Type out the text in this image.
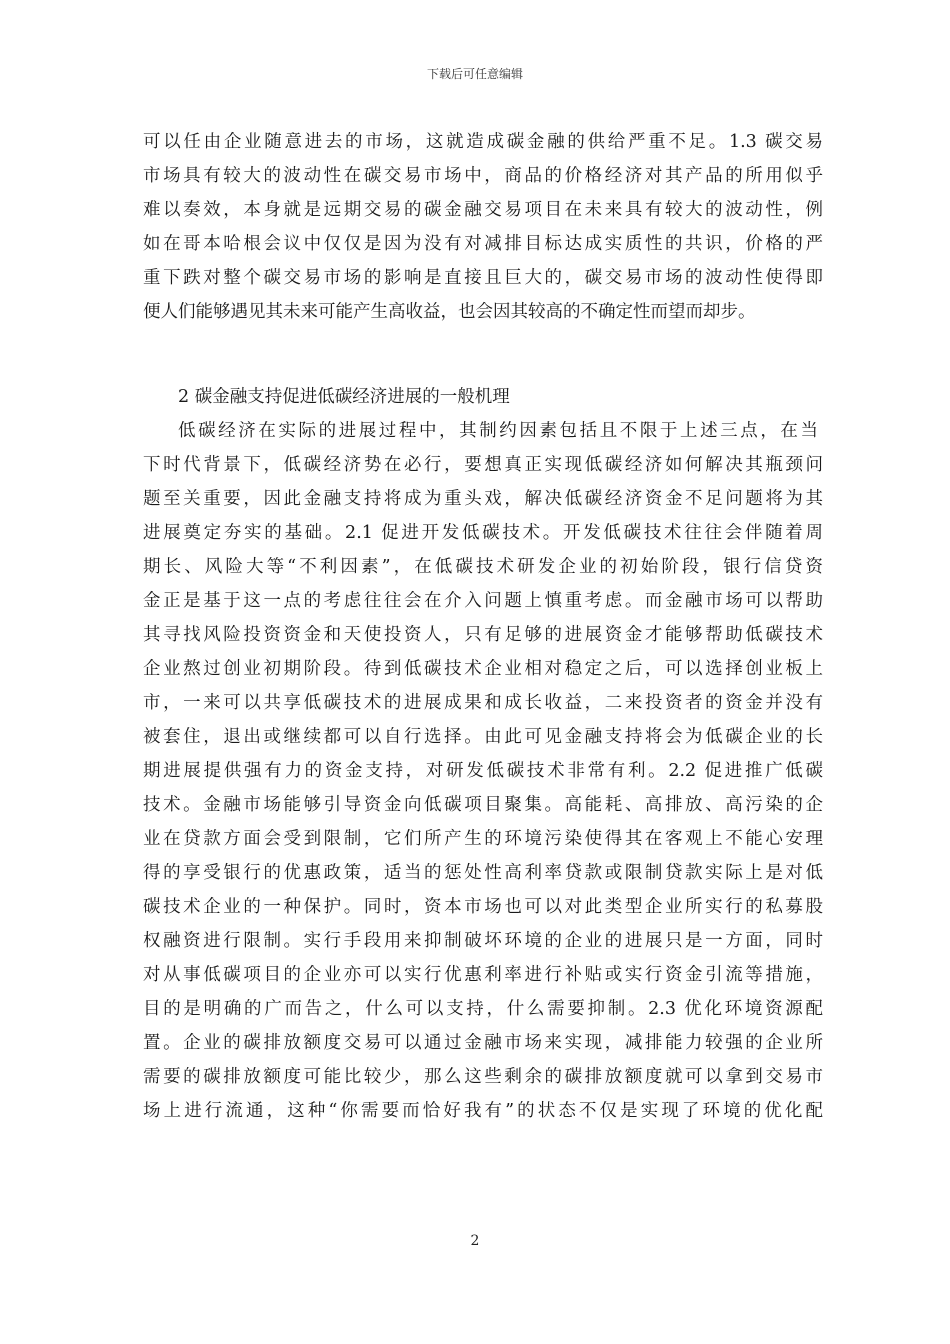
下载后可任意编辑
可以任由企业随意进去的市场，这就造成碳金融的供给严重不足。1.3 碳交易
市场具有较大的波动性在碳交易市场中，商品的价格经济对其产品的所用似乎
难以奏效，本身就是远期交易的碳金融交易项目在未来具有较大的波动性，例
如在哥本哈根会议中仅仅是因为没有对减排目标达成实质性的共识，价格的严
重下跌对整个碳交易市场的影响是直接且巨大的，碳交易市场的波动性使得即
便人们能够遇见其未来可能产生高收益，也会因其较高的不确定性而望而却步。
2 碳金融支持促进低碳经济进展的一般机理
低碳经济在实际的进展过程中，其制约因素包括且不限于上述三点，在当
下时代背景下，低碳经济势在必行，要想真正实现低碳经济如何解决其瓶颈问
题至关重要，因此金融支持将成为重头戏，解决低碳经济资金不足问题将为其
进展奠定夯实的基础。2.1 促进开发低碳技术。开发低碳技术往往会伴随着周
期长、风险大等“不利因素”，在低碳技术研发企业的初始阶段，银行信贷资
金正是基于这一点的考虑往往会在介入问题上慎重考虑。而金融市场可以帮助
其寻找风险投资资金和天使投资人，只有足够的进展资金才能够帮助低碳技术
企业熬过创业初期阶段。待到低碳技术企业相对稳定之后，可以选择创业板上
市，一来可以共享低碳技术的进展成果和成长收益，二来投资者的资金并没有
被套住，退出或继续都可以自行选择。由此可见金融支持将会为低碳企业的长
期进展提供强有力的资金支持，对研发低碳技术非常有利。2.2 促进推广低碳
技术。金融市场能够引导资金向低碳项目聚集。高能耗、高排放、高污染的企
业在贷款方面会受到限制，它们所产生的环境污染使得其在客观上不能心安理
得的享受银行的优惠政策，适当的惩处性高利率贷款或限制贷款实际上是对低
碳技术企业的一种保护。同时，资本市场也可以对此类型企业所实行的私募股
权融资进行限制。实行手段用来抑制破坏环境的企业的进展只是一方面，同时
对从事低碳项目的企业亦可以实行优惠利率进行补贴或实行资金引流等措施，
目的是明确的广而告之，什么可以支持，什么需要抑制。2.3 优化环境资源配
置。企业的碳排放额度交易可以通过金融市场来实现，减排能力较强的企业所
需要的碳排放额度可能比较少，那么这些剩余的碳排放额度就可以拿到交易市
场上进行流通，这种“你需要而恰好我有”的状态不仅是实现了环境的优化配
2
